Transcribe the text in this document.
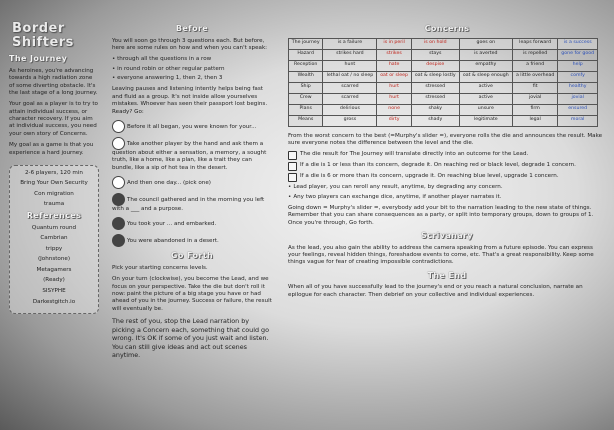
Border Shifters
The Journey

As heroines, you're advancing towards a high radiation zone of some diverting obstacle. It's the last stage of a long journey.

Your goal as a player is to try to attain individual success, or character recovery. If you aim at individual success, you need your own story of Concerns.

My goal as a game is that you experience a hard journey.

2-6 players, 120 min

Bring Your Own Security

Con migration

trauma

References

Quantum round

Cambrian

trippy

(Johnstone)

Metagamers

(Ready)

SISYPHE

Darkestgitch.io

Before

You will soon go through 3 questions each. But before, here are some rules on how and when you can't speak:

• through all the questions in a row
• in round robin or other regular pattern
• everyone answering 1, then 2, then 3

Leaving pauses and listening intently helps being fast and fluid as a group. It's not inside allow yourselves mistakes. Whoever has seen their passport lost begins. Ready? Go:

Before it all began, you were known for your...

Take another player by the hand and ask them a question about either a sensation, a memory, a sought truth, like a home, like a plan, like a trait they can bundle, like a sip of hot tea in the desert.

And then one day... (pick one)

The council gathered and in the morning you left with a ___ and a purpose.

You took your ... and embarked.

You were abandoned in a desert.

Go Forth

Pick your starting concerns levels.

On your turn (clockwise), you become the Lead, and we focus on your perspective. Take the die but don't roll it now: paint the picture of a big stage you have or had ahead of you in the journey. Success or failure, the result will eventually be.

The rest of you, stop the Lead narration by picking a Concern each, something that could go wrong. It's OK if some of you just wait and listen. You can still give ideas and act out scenes anytime.

Concerns
The journey	is a failure	is in peril	is on hold	goes on	leaps forward	is a success
Hazard	strikes hard	strikes	stays	is averted	is repelled	gone for good
Reception	hunt	hate	despise	empathy	a friend	help
Wealth	lethal oat / no sleep	oat or sleep	oat & sleep lostly	oat & sleep enough	a little overhead	comfy
Ship	scarred	hurt	stressed	active	fit	healthy
Crew	scarred	hurt	stressed	active	jovial	jovial
Plans	delirious	none	shaky	unsure	firm	ensured
Means	gross	dirty	shady	legitimate	legal	moral

From the worst concern to the best (=Murphy's slider =), everyone rolls the die and announces the result. Make sure everyone notes the difference between the level and the die.

The die result for The Journey will translate directly into an outcome for the Lead.
If a die is 1 or less than its concern, degrade it. On reaching red or black level, degrade 1 concern.
If a die is 6 or more than its concern, upgrade it. On reaching blue level, upgrade 1 concern.
• Lead player, you can reroll any result, anytime, by degrading any concern.
• Any two players can exchange dice, anytime, if another player narrates it.

Going down = Murphy's slider =, everybody add your bit to the narration leading to the new state of things. Remember that you can share consequences as a party, or split into temporary groups, down to groups of 1. Once you're through, Go forth.

Scrivanary

As the lead, you also gain the ability to address the camera speaking from a future episode. You can express your feelings, reveal hidden things, foreshadow events to come, etc. That's a great responsibility. Keep some things vague for fear of creating impossible contradictions.

The End

When all of you have successfully lead to the journey's end or you reach a natural conclusion, narrate an epilogue for each character. Then debrief on your collective and individual experiences.
